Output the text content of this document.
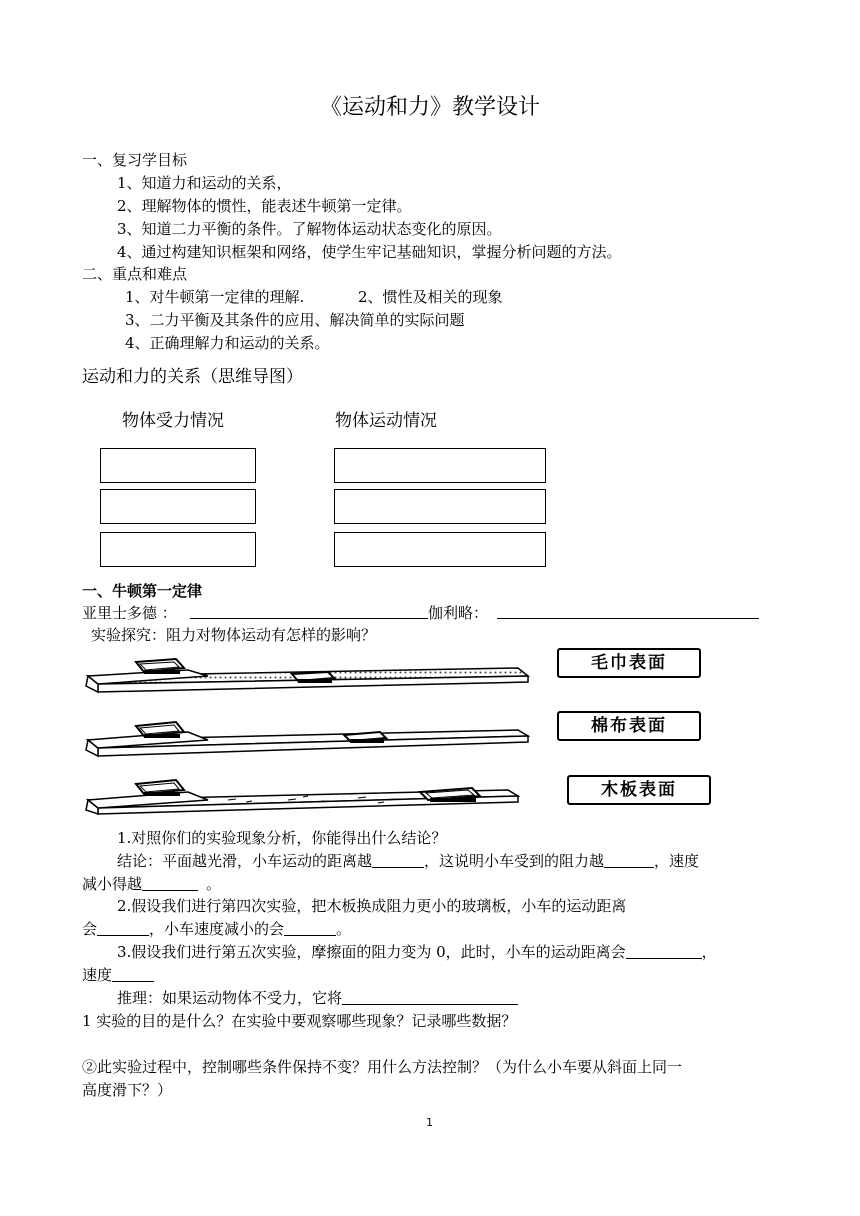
《运动和力》教学设计
一、复习学目标
1、知道力和运动的关系，
2、理解物体的惯性，能表述牛顿第一定律。
3、知道二力平衡的条件。了解物体运动状态变化的原因。
4、通过构建知识框架和网络，使学生牢记基础知识，掌握分析问题的方法。
二、重点和难点
1、对牛顿第一定律的理解.	2、惯性及相关的现象
3、二力平衡及其条件的应用、解决简单的实际问题
4、正确理解力和运动的关系。
运动和力的关系（思维导图）
物体受力情况	物体运动情况
一、牛顿第一定律
亚里士多德 ：	伽利略：
实验探究：阻力对物体运动有怎样的影响？
毛巾表面
棉布表面
木板表面
1.对照你们的实验现象分析，你能得出什么结论？
结论：平面越光滑，小车运动的距离越	，这说明小车受到的阻力越	，速度
减小得越	。
2.假设我们进行第四次实验，把木板换成阻力更小的玻璃板，小车的运动距离
会	，小车速度减小的会	。
3.假设我们进行第五次实验，摩擦面的阻力变为 0，此时，小车的运动距离会	，
速度
推理：如果运动物体不受力，它将
1 实验的目的是什么？在实验中要观察哪些现象？记录哪些数据？
②此实验过程中，控制哪些条件保持不变？用什么方法控制？（为什么小车要从斜面上同一
高度滑下？）
1
